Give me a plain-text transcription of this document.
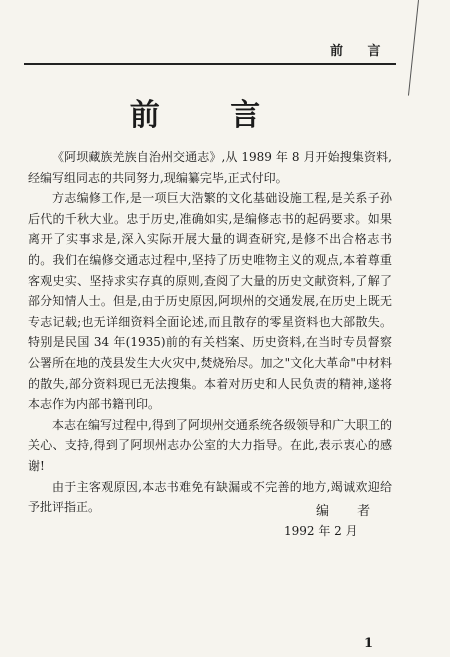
前 言
前 言

《阿坝藏族羌族自治州交通志》,从 1989 年 8 月开始搜集资料,经编写组同志的共同努力,现编纂完毕,正式付印。

方志编修工作,是一项巨大浩繁的文化基础设施工程,是关系子孙后代的千秋大业。忠于历史,准确如实,是编修志书的起码要求。如果离开了实事求是,深入实际开展大量的调查研究,是修不出合格志书的。我们在编修交通志过程中,坚持了历史唯物主义的观点,本着尊重客观史实、坚持求实存真的原则,查阅了大量的历史文献资料,了解了部分知情人士。但是,由于历史原因,阿坝州的交通发展,在历史上既无专志记载;也无详细资料全面论述,而且散存的零星资料也大部散失。特别是民国 34 年(1935)前的有关档案、历史资料,在当时专员督察公署所在地的茂县发生大火灾中,焚烧殆尽。加之"文化大革命"中材料的散失,部分资料现已无法搜集。本着对历史和人民负责的精神,遂将本志作为内部书籍刊印。

本志在编写过程中,得到了阿坝州交通系统各级领导和广大职工的关心、支持,得到了阿坝州志办公室的大力指导。在此,表示衷心的感谢!

由于主客观原因,本志书难免有缺漏或不完善的地方,竭诚欢迎给予批评指正。	编 者
1992 年 2 月
1
